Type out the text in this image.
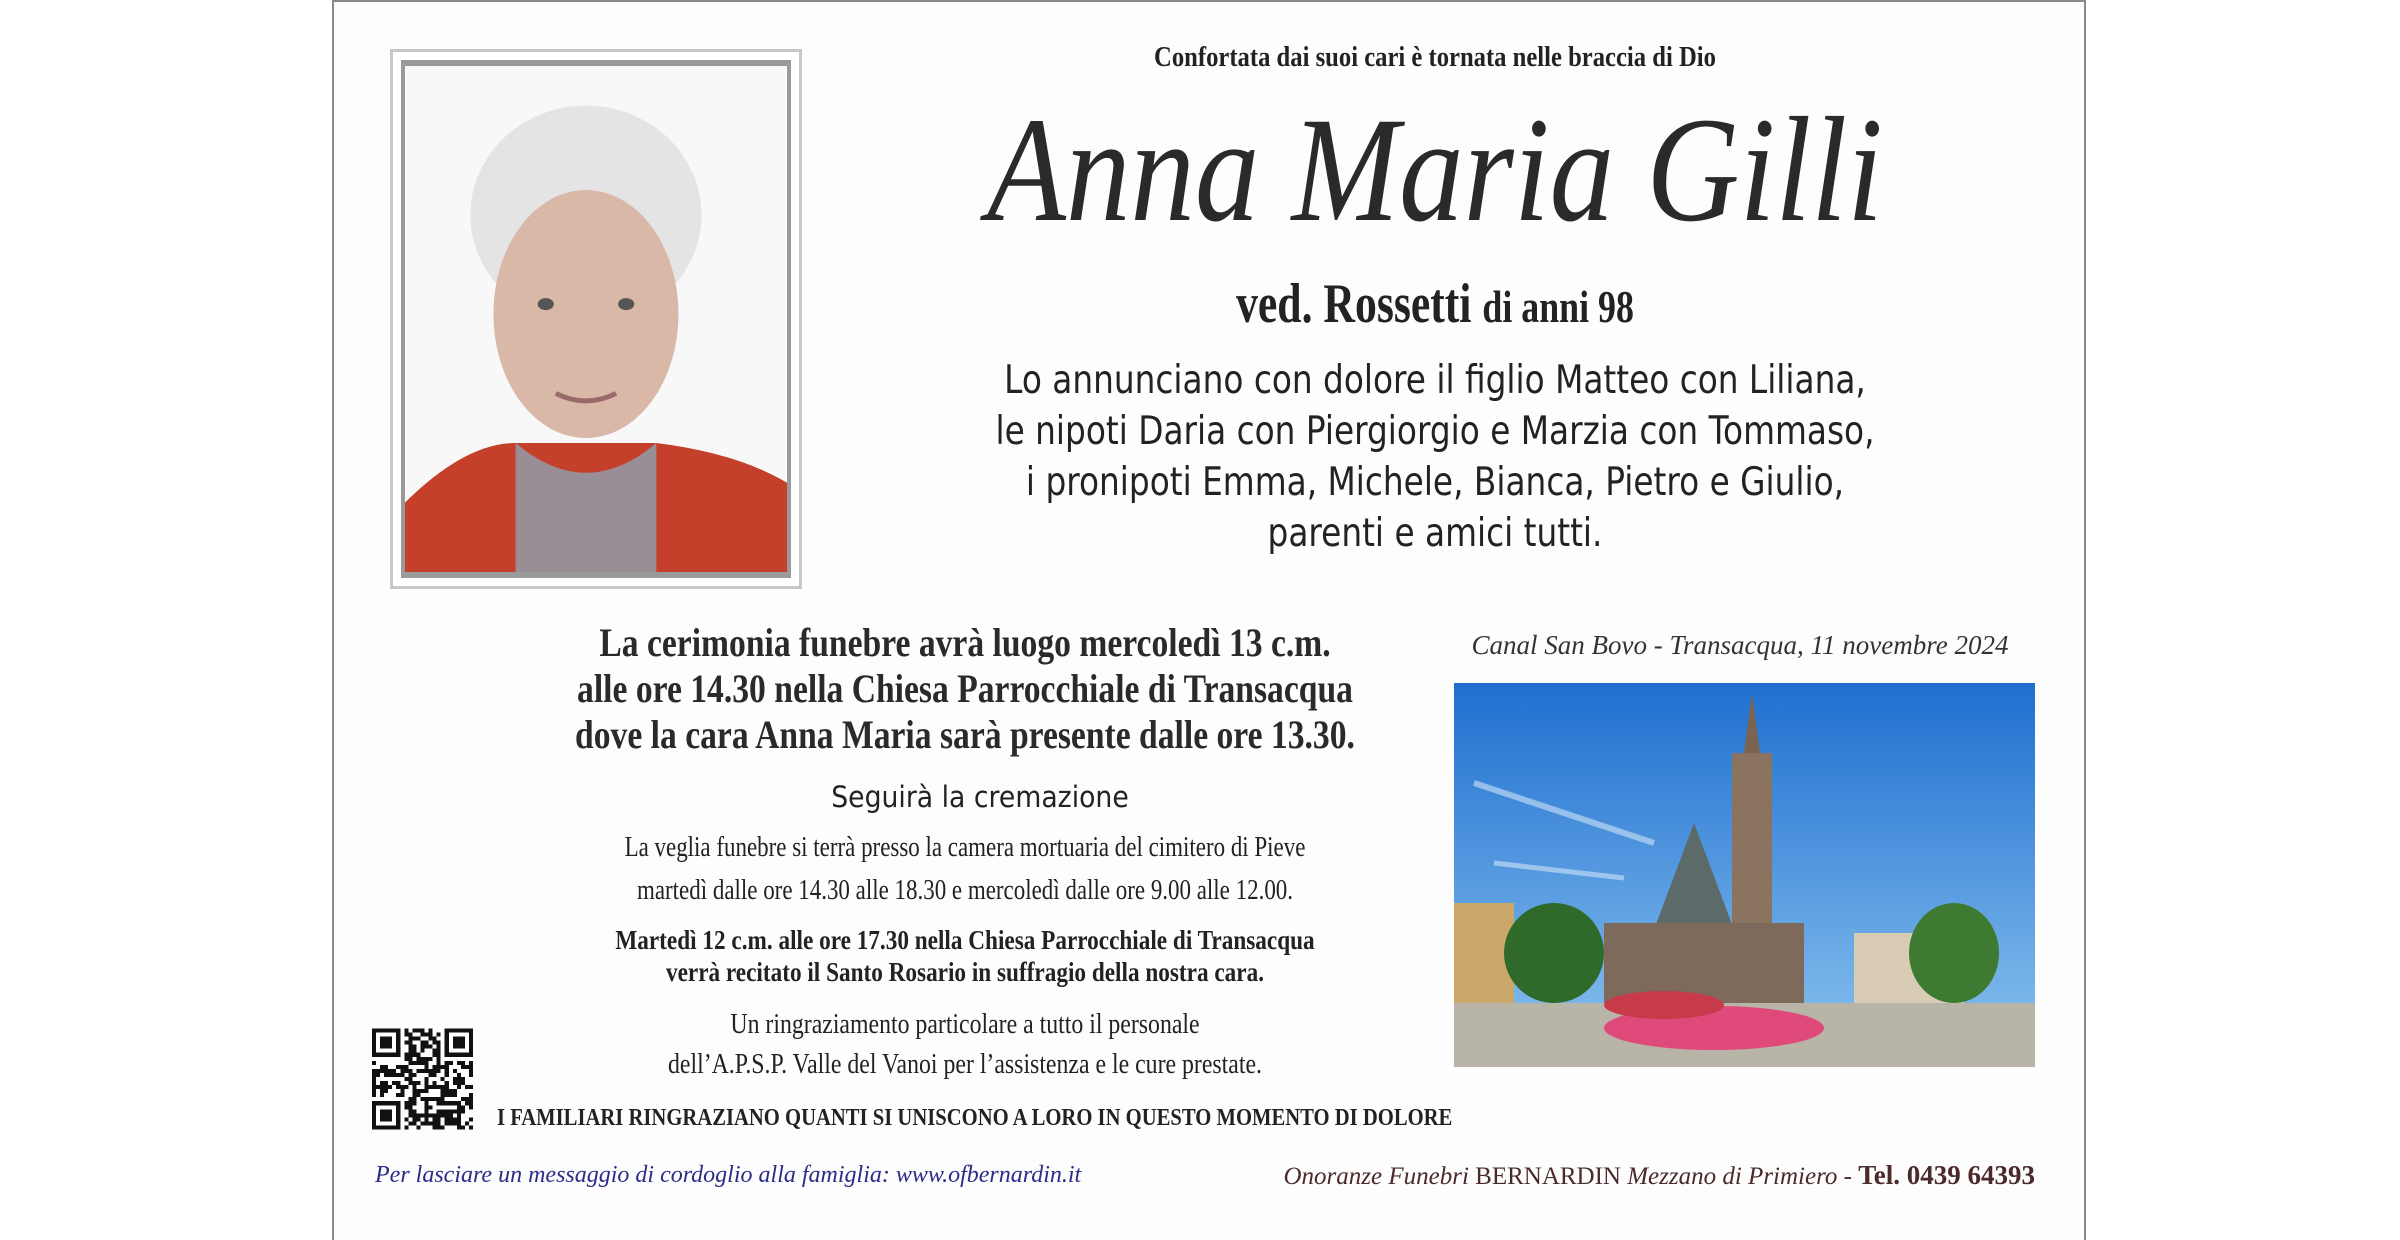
Confortata dai suoi cari è tornata nelle braccia di Dio
Anna Maria Gilli
ved. Rossetti di anni 98
Lo annunciano con dolore il figlio Matteo con Liliana,
le nipoti Daria con Piergiorgio e Marzia con Tommaso,
i pronipoti Emma, Michele, Bianca, Pietro e Giulio,
parenti e amici tutti.
La cerimonia funebre avrà luogo mercoledì 13 c.m.
alle ore 14.30 nella Chiesa Parrocchiale di Transacqua
dove la cara Anna Maria sarà presente dalle ore 13.30.
Canal San Bovo - Transacqua, 11 novembre 2024
Seguirà la cremazione
La veglia funebre si terrà presso la camera mortuaria del cimitero di Pieve
martedì dalle ore 14.30 alle 18.30 e mercoledì dalle ore 9.00 alle 12.00.
Martedì 12 c.m. alle ore 17.30 nella Chiesa Parrocchiale di Transacqua
verrà recitato il Santo Rosario in suffragio della nostra cara.
Un ringraziamento particolare a tutto il personale
dell’A.P.S.P. Valle del Vanoi per l’assistenza e le cure prestate.
I FAMILIARI RINGRAZIANO QUANTI SI UNISCONO A LORO IN QUESTO MOMENTO DI DOLORE
Per lasciare un messaggio di cordoglio alla famiglia: www.ofbernardin.it	Onoranze Funebri BERNARDIN Mezzano di Primiero - Tel. 0439 64393
